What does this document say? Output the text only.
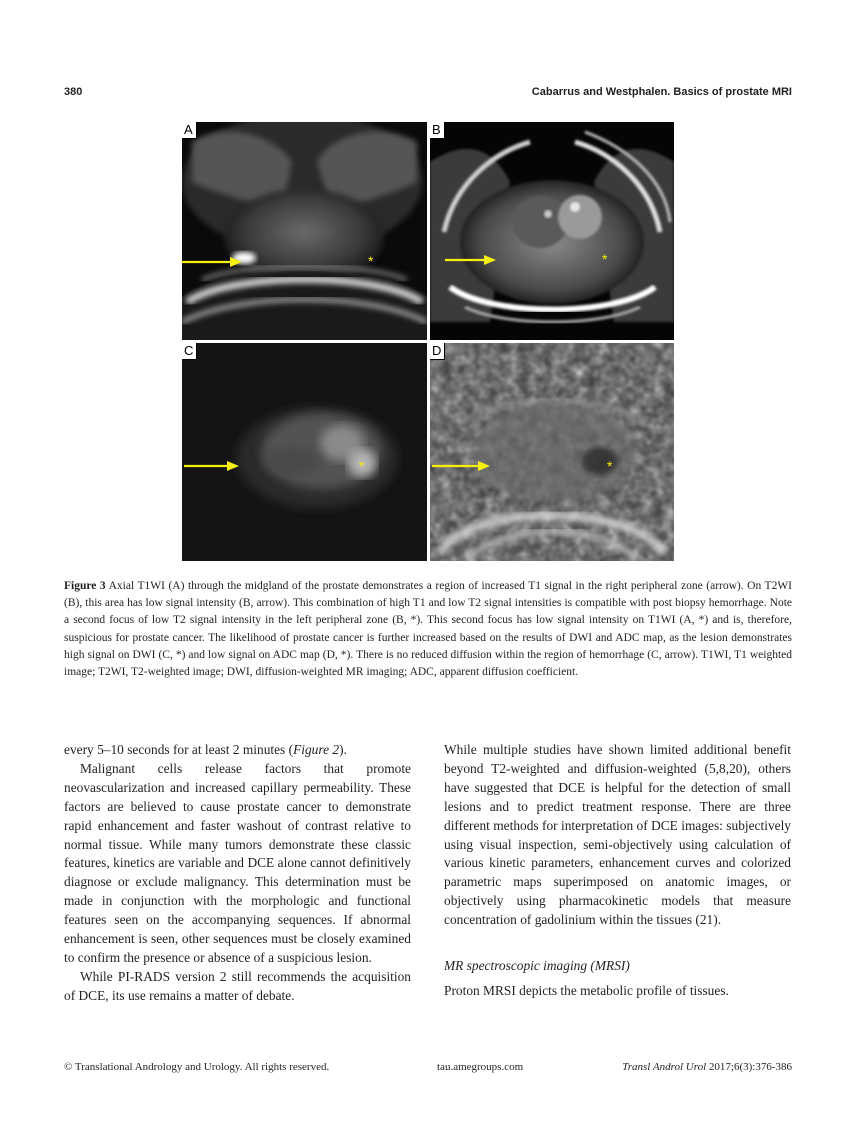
380	Cabarrus and Westphalen. Basics of prostate MRI
*
A
*
B
*
C
*
D
Figure 3 Axial T1WI (A) through the midgland of the prostate demonstrates a region of increased T1 signal in the right peripheral zone (arrow). On T2WI (B), this area has low signal intensity (B, arrow). This combination of high T1 and low T2 signal intensities is compatible with post biopsy hemorrhage. Note a second focus of low T2 signal intensity in the left peripheral zone (B, *). This second focus has low signal intensity on T1WI (A, *) and is, therefore, suspicious for prostate cancer. The likelihood of prostate cancer is further increased based on the results of DWI and ADC map, as the lesion demonstrates high signal on DWI (C, *) and low signal on ADC map (D, *). There is no reduced diffusion within the region of hemorrhage (C, arrow). T1WI, T1 weighted image; T2WI, T2-weighted image; DWI, diffusion-weighted MR imaging; ADC, apparent diffusion coefficient.

every 5–10 seconds for at least 2 minutes (Figure 2).

Malignant cells release factors that promote neovascularization and increased capillary permeability. These factors are believed to cause prostate cancer to demonstrate rapid enhancement and faster washout of contrast relative to normal tissue. While many tumors demonstrate these classic features, kinetics are variable and DCE alone cannot definitively diagnose or exclude malignancy. This determination must be made in conjunction with the morphologic and functional features seen on the accompanying sequences. If abnormal enhancement is seen, other sequences must be closely examined to confirm the presence or absence of a suspicious lesion.

While PI-RADS version 2 still recommends the acquisition of DCE, its use remains a matter of debate.

While multiple studies have shown limited additional benefit beyond T2-weighted and diffusion-weighted (5,8,20), others have suggested that DCE is helpful for the detection of small lesions and to predict treatment response. There are three different methods for interpretation of DCE images: subjectively using visual inspection, semi-objectively using calculation of various kinetic parameters, enhancement curves and colorized parametric maps superimposed on anatomic images, or objectively using pharmacokinetic models that measure concentration of gadolinium within the tissues (21).

MR spectroscopic imaging (MRSI)

Proton MRSI depicts the metabolic profile of tissues.

© Translational Andrology and Urology. All rights reserved.	tau.amegroups.com	Transl Androl Urol 2017;6(3):376-386
